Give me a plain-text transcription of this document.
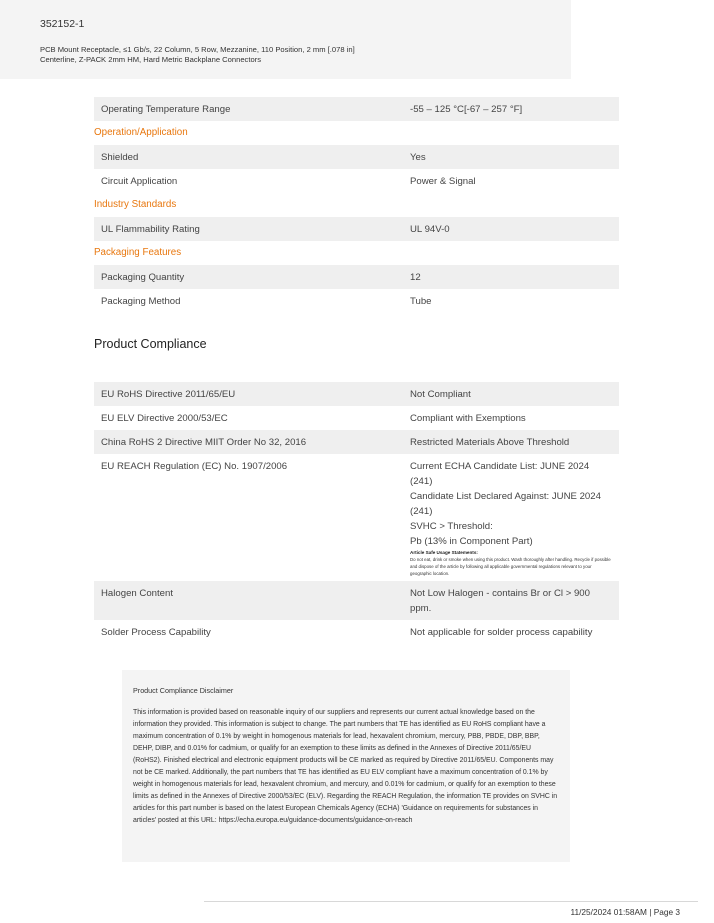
352152-1
PCB Mount Receptacle, ≤1 Gb/s, 22 Column, 5 Row, Mezzanine, 110 Position, 2 mm [.078 in] Centerline, Z-PACK 2mm HM, Hard Metric Backplane Connectors
Operating Temperature Range	-55 – 125 °C[-67 – 257 °F]
Operation/Application
Shielded	Yes
Circuit Application	Power & Signal
Industry Standards
UL Flammability Rating	UL 94V-0
Packaging Features
Packaging Quantity	12
Packaging Method	Tube
Product Compliance
EU RoHS Directive 2011/65/EU	Not Compliant
EU ELV Directive 2000/53/EC	Compliant with Exemptions
China RoHS 2 Directive MIIT Order No 32, 2016	Restricted Materials Above Threshold
EU REACH Regulation (EC) No. 1907/2006	Current ECHA Candidate List: JUNE 2024 (241)
Candidate List Declared Against: JUNE 2024 (241)
SVHC > Threshold:
Pb (13% in Component Part)
Article Safe Usage Statements:
Do not eat, drink or smoke when using this product. Wash thoroughly after handling. Recycle if possible and dispose of the article by following all applicable governmental regulations relevant to your geographic location.
Halogen Content	Not Low Halogen - contains Br or Cl > 900 ppm.
Solder Process Capability	Not applicable for solder process capability
Product Compliance Disclaimer
This information is provided based on reasonable inquiry of our suppliers and represents our current actual knowledge based on the information they provided. This information is subject to change. The part numbers that TE has identified as EU RoHS compliant have a maximum concentration of 0.1% by weight in homogenous materials for lead, hexavalent chromium, mercury, PBB, PBDE, DBP, BBP, DEHP, DIBP, and 0.01% for cadmium, or qualify for an exemption to these limits as defined in the Annexes of Directive 2011/65/EU (RoHS2). Finished electrical and electronic equipment products will be CE marked as required by Directive 2011/65/EU. Components may not be CE marked. Additionally, the part numbers that TE has identified as EU ELV compliant have a maximum concentration of 0.1% by weight in homogenous materials for lead, hexavalent chromium, and mercury, and 0.01% for cadmium, or qualify for an exemption to these limits as defined in the Annexes of Directive 2000/53/EC (ELV). Regarding the REACH Regulation, the information TE provides on SVHC in articles for this part number is based on the latest European Chemicals Agency (ECHA) 'Guidance on requirements for substances in articles' posted at this URL: https://echa.europa.eu/guidance-documents/guidance-on-reach
11/25/2024 01:58AM | Page 3
